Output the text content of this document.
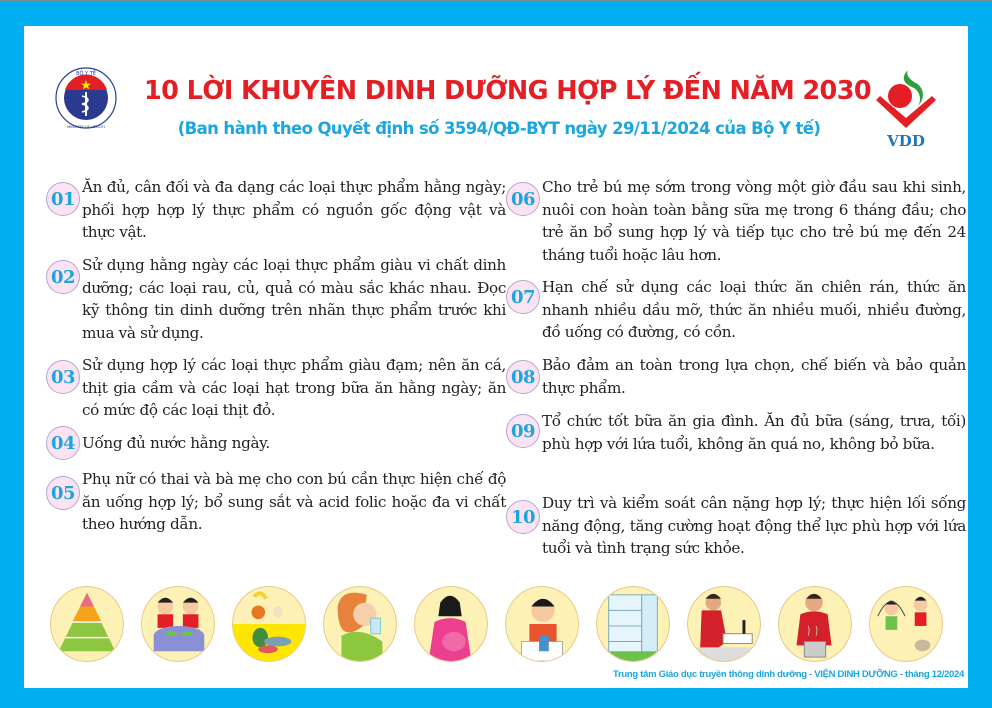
BỘ Y TẾ
MINISTRY OF HEALTH
10 LỜI KHUYÊN DINH DƯỠNG HỢP LÝ ĐẾN NĂM 2030
(Ban hành theo Quyết định số 3594/QĐ-BYT ngày 29/11/2024 của Bộ Y tế)
VDD
01
Ăn đủ, cân đối và đa dạng các loại thực phẩm hằng ngày; phối hợp hợp lý thực phẩm có nguồn gốc động vật và thực vật.
02
Sử dụng hằng ngày các loại thực phẩm giàu vi chất dinh dưỡng; các loại rau, củ, quả có màu sắc khác nhau. Đọc kỹ thông tin dinh dưỡng trên nhãn thực phẩm trước khi mua và sử dụng.
03
Sử dụng hợp lý các loại thực phẩm giàu đạm; nên ăn cá, thịt gia cầm và các loại hạt trong bữa ăn hằng ngày; ăn có mức độ các loại thịt đỏ.
04 Uống đủ nước hằng ngày.
05
Phụ nữ có thai và bà mẹ cho con bú cần thực hiện chế độ ăn uống hợp lý; bổ sung sắt và acid folic hoặc đa vi chất theo hướng dẫn.
06
Cho trẻ bú mẹ sớm trong vòng một giờ đầu sau khi sinh, nuôi con hoàn toàn bằng sữa mẹ trong 6 tháng đầu; cho trẻ ăn bổ sung hợp lý và tiếp tục cho trẻ bú mẹ đến 24 tháng tuổi hoặc lâu hơn.
07 Hạn chế sử dụng các loại thức ăn chiên rán, thức ăn nhanh nhiều dầu mỡ, thức ăn nhiều muối, nhiều đường, đồ uống có đường, có cồn.
08
Bảo đảm an toàn trong lựa chọn, chế biến và bảo quản thực phẩm.
09 Tổ chức tốt bữa ăn gia đình. Ăn đủ bữa (sáng, trưa, tối) phù hợp với lứa tuổi, không ăn quá no, không bỏ bữa.
10
Duy trì và kiểm soát cân nặng hợp lý; thực hiện lối sống năng động, tăng cường hoạt động thể lực phù hợp với lứa tuổi và tình trạng sức khỏe.
Trung tâm Giáo dục truyền thông dinh dưỡng - VIỆN DINH DƯỠNG - tháng 12/2024
